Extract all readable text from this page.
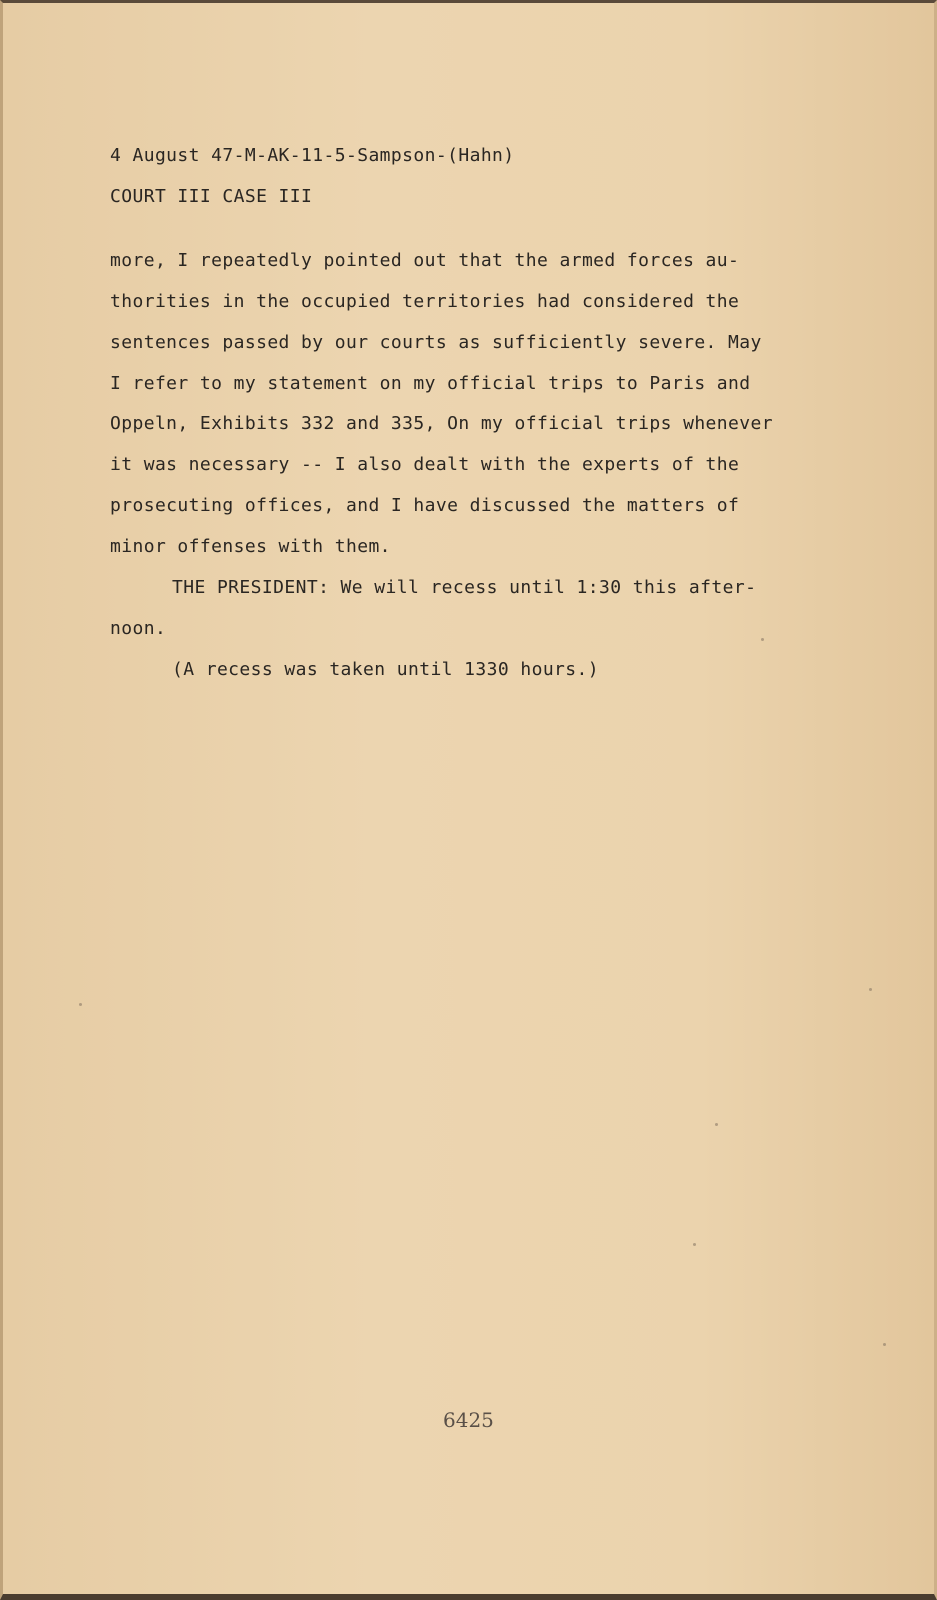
4 August 47-M-AK-11-5-Sampson-(Hahn)
COURT III CASE III
more, I repeatedly pointed out that the armed forces au-
thorities in the occupied territories had considered the
sentences passed by our courts as sufficiently severe. May
I refer to my statement on my official trips to Paris and
Oppeln, Exhibits 332 and 335, On my official trips whenever
it was necessary -- I also dealt with the experts of the
prosecuting offices, and I have discussed the matters of
minor offenses with them.
THE PRESIDENT: We will recess until 1:30 this after-
noon.
(A recess was taken until 1330 hours.)
6425
